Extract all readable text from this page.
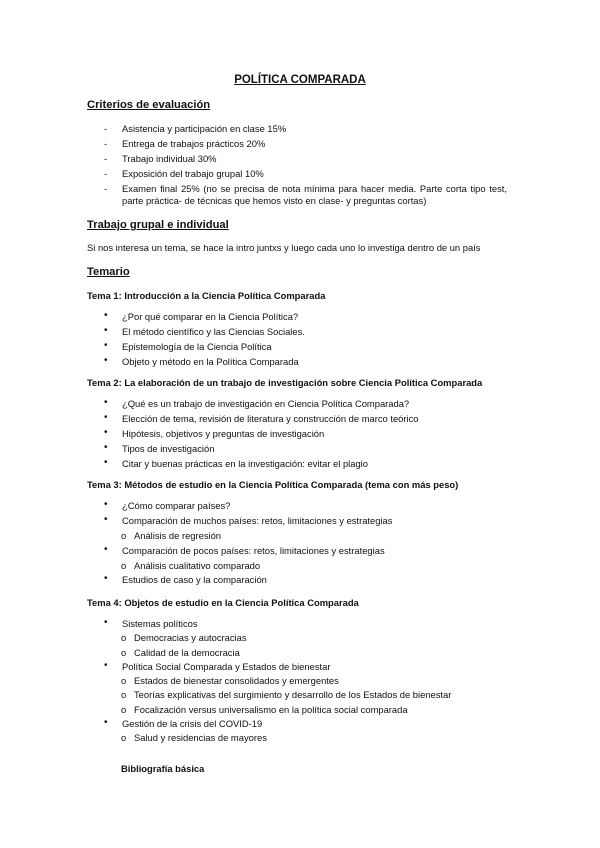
POLÍTICA COMPARADA
Criterios de evaluación
- Asistencia y participación en clase 15%
- Entrega de trabajos prácticos 20%
- Trabajo individual 30%
- Exposición del trabajo grupal 10%
- Examen final 25% (no se precisa de nota mínima para hacer media. Parte corta tipo test, parte práctica- de técnicas que hemos visto en clase- y preguntas cortas)
Trabajo grupal e individual
Si nos interesa un tema, se hace la intro juntxs y luego cada uno lo investiga dentro de un país
Temario
Tema 1: Introducción a la Ciencia Política Comparada
• ¿Por qué comparar en la Ciencia Política?
• El método científico y las Ciencias Sociales.
• Epistemología de la Ciencia Política
• Objeto y método en la Política Comparada
Tema 2: La elaboración de un trabajo de investigación sobre Ciencia Política Comparada
• ¿Qué es un trabajo de investigación en Ciencia Política Comparada?
• Elección de tema, revisión de literatura y construcción de marco teórico
• Hipótesis, objetivos y preguntas de investigación
• Tipos de investigación
• Citar y buenas prácticas en la investigación: evitar el plagio
Tema 3: Métodos de estudio en la Ciencia Política Comparada (tema con más peso)
• ¿Cómo comparar países?
• Comparación de muchos países: retos, limitaciones y estrategias
o Análisis de regresión
• Comparación de pocos países: retos, limitaciones y estrategias
o Análisis cualitativo comparado
• Estudios de caso y la comparación
Tema 4: Objetos de estudio en la Ciencia Política Comparada
• Sistemas políticos
o Democracias y autocracias
o Calidad de la democracia
• Política Social Comparada y Estados de bienestar
o Estados de bienestar consolidados y emergentes
o Teorías explicativas del surgimiento y desarrollo de los Estados de bienestar
o Focalización versus universalismo en la política social comparada
• Gestión de la crisis del COVID-19
o Salud y residencias de mayores
Bibliografía básica
